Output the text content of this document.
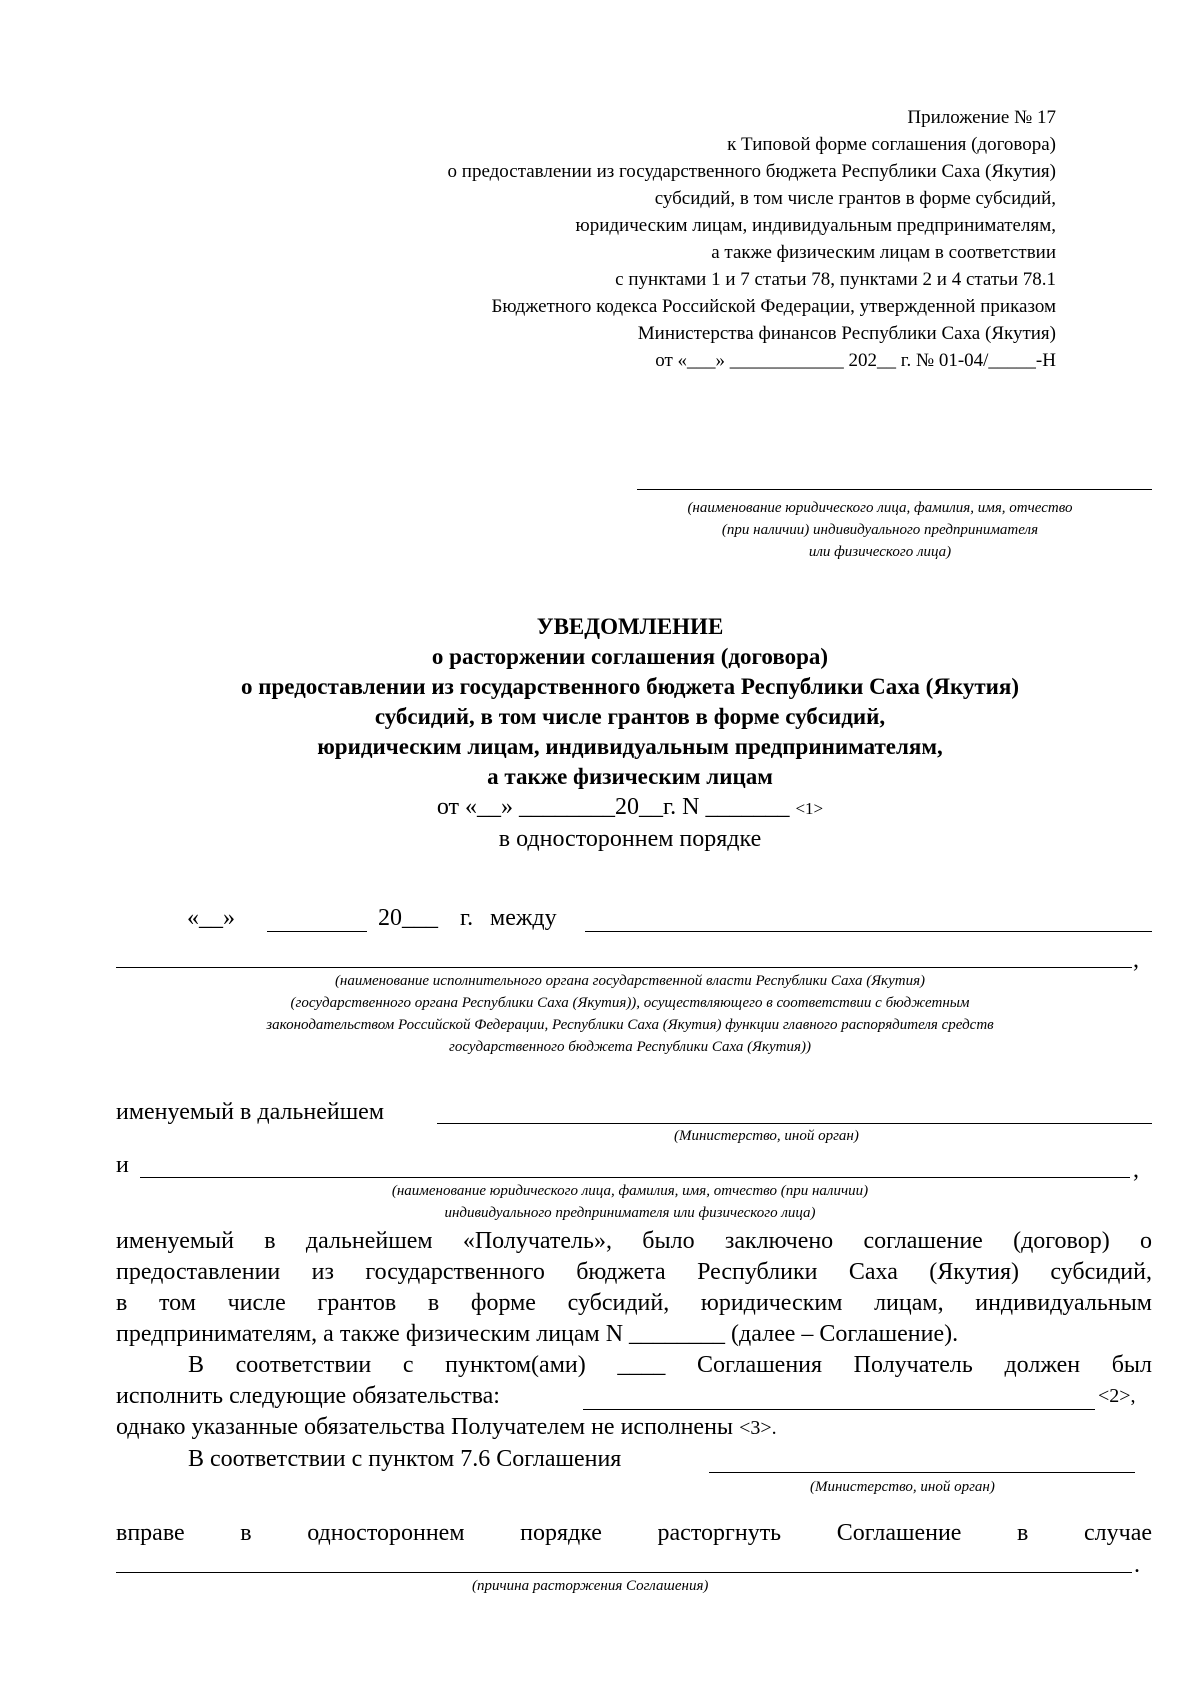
Приложение № 17
к Типовой форме соглашения (договора)
о предоставлении из государственного бюджета Республики Саха (Якутия)
субсидий, в том числе грантов в форме субсидий,
юридическим лицам, индивидуальным предпринимателям,
а также физическим лицам в соответствии
с пунктами 1 и 7 статьи 78, пунктами 2 и 4 статьи 78.1
Бюджетного кодекса Российской Федерации, утвержденной приказом
Министерства финансов Республики Саха (Якутия)
от «___» ____________ 202__ г. № 01-04/_____-Н
(наименование юридического лица, фамилия, имя, отчество
(при наличии) индивидуального предпринимателя
или физического лица)
УВЕДОМЛЕНИЕ
о расторжении соглашения (договора)
о предоставлении из государственного бюджета Республики Саха (Якутия)
субсидий, в том числе грантов в форме субсидий,
юридическим лицам, индивидуальным предпринимателям,
а также физическим лицам
от «__» ________20__г. N _______ <1>
в одностороннем порядке
«__»	20___ г. между
,
(наименование исполнительного органа государственной власти Республики Саха (Якутия)
(государственного органа Республики Саха (Якутия)), осуществляющего в соответствии с бюджетным
законодательством Российской Федерации, Республики Саха (Якутия) функции главного распорядителя средств
государственного бюджета Республики Саха (Якутия))
именуемый в дальнейшем
(Министерство, иной орган)
и	,
(наименование юридического лица, фамилия, имя, отчество (при наличии)
индивидуального предпринимателя или физического лица)
именуемый в дальнейшем «Получатель», было заключено соглашение (договор) о
предоставлении из государственного бюджета Республики Саха (Якутия) субсидий,
в том числе грантов в форме субсидий, юридическим лицам, индивидуальным
предпринимателям, а также физическим лицам N ________ (далее – Соглашение).
В соответствии с пунктом(ами) ____ Соглашения Получатель должен был
исполнить следующие обязательства:	<2>,
однако указанные обязательства Получателем не исполнены <3>.
В соответствии с пунктом 7.6 Соглашения
(Министерство, иной орган)
вправе в одностороннем порядке расторгнуть Соглашение в случае
.
(причина расторжения Соглашения)
